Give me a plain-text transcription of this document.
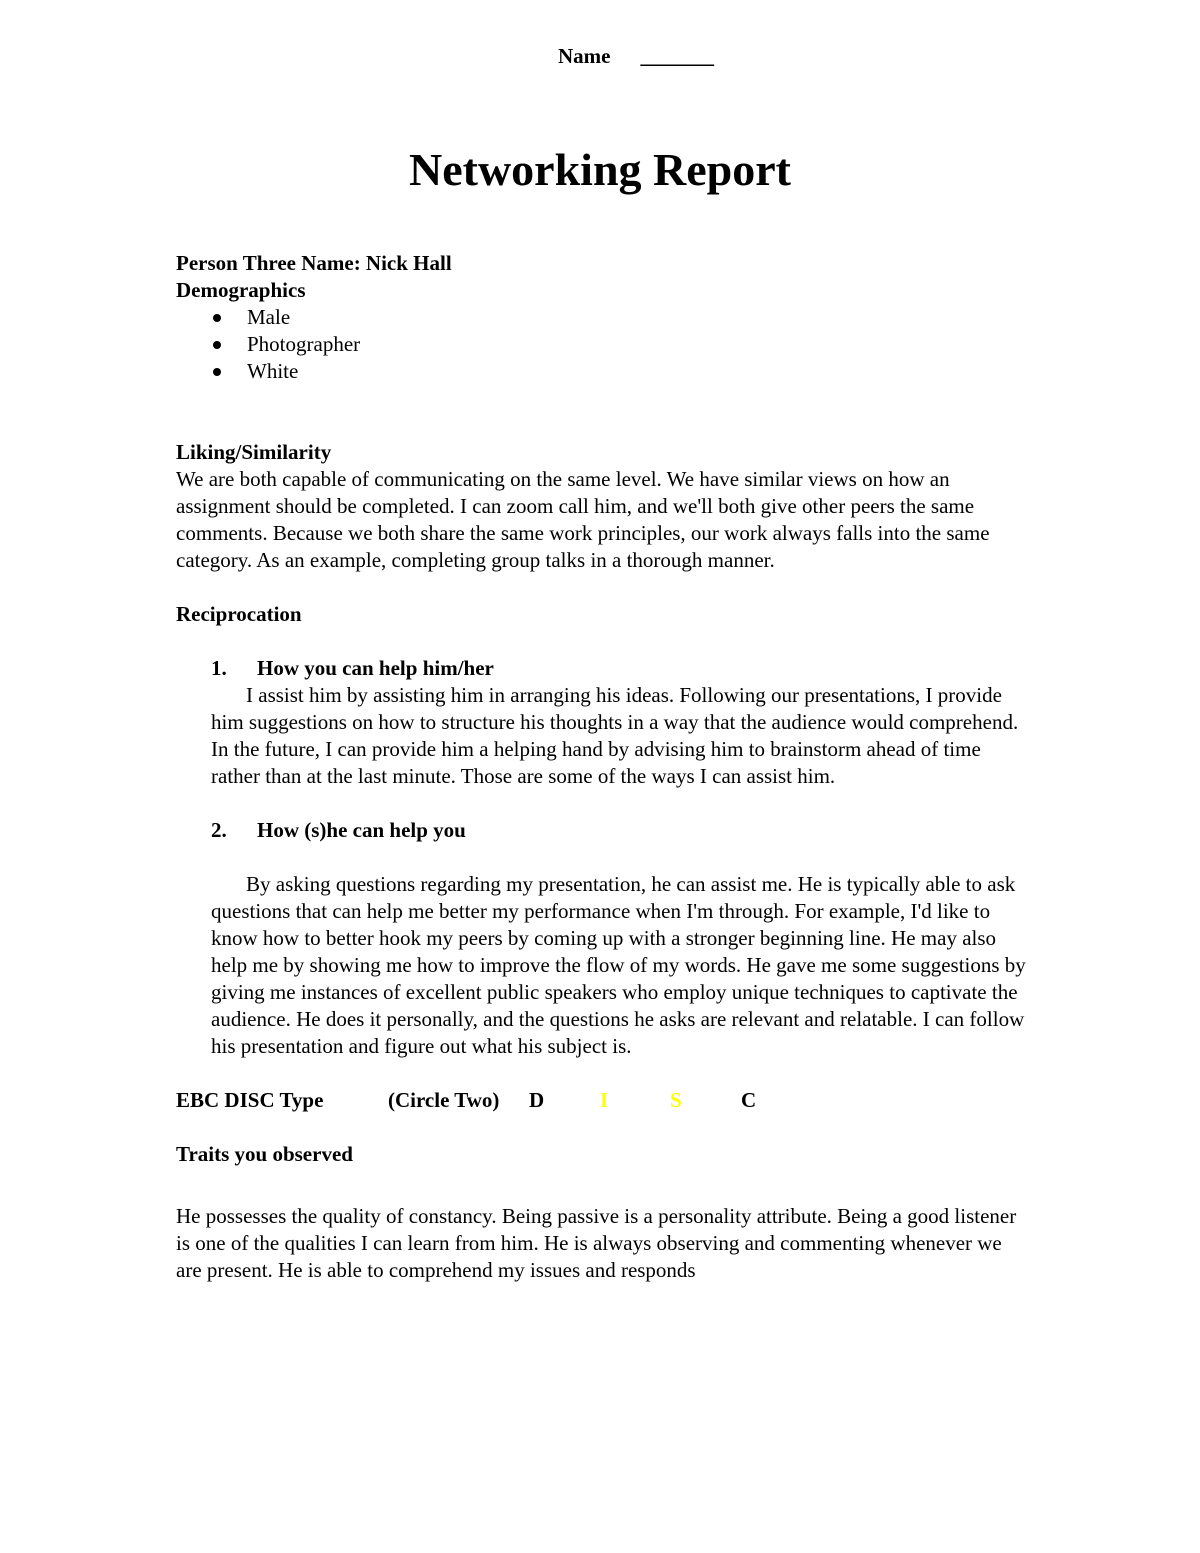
Name _______
Networking Report
Person Three Name: Nick Hall
Demographics
Male
Photographer
White
Liking/Similarity

We are both capable of communicating on the same level. We have similar views on how an assignment should be completed. I can zoom call him, and we'll both give other peers the same comments. Because we both share the same work principles, our work always falls into the same category. As an example, completing group talks in a thorough manner.

Reciprocation
1. How you can help him/her

I assist him by assisting him in arranging his ideas. Following our presentations, I provide him suggestions on how to structure his thoughts in a way that the audience would comprehend. In the future, I can provide him a helping hand by advising him to brainstorm ahead of time rather than at the last minute. Those are some of the ways I can assist him.

2. How (s)he can help you

By asking questions regarding my presentation, he can assist me. He is typically able to ask questions that can help me better my performance when I'm through. For example, I'd like to know how to better hook my peers by coming up with a stronger beginning line. He may also help me by showing me how to improve the flow of my words. He gave me some suggestions by giving me instances of excellent public speakers who employ unique techniques to captivate the audience. He does it personally, and the questions he asks are relevant and relatable. I can follow his presentation and figure out what his subject is.

EBC DISC Type	(Circle Two) D	I	S	C
Traits you observed

He possesses the quality of constancy. Being passive is a personality attribute. Being a good listener is one of the qualities I can learn from him. He is always observing and commenting whenever we are present. He is able to comprehend my issues and responds
